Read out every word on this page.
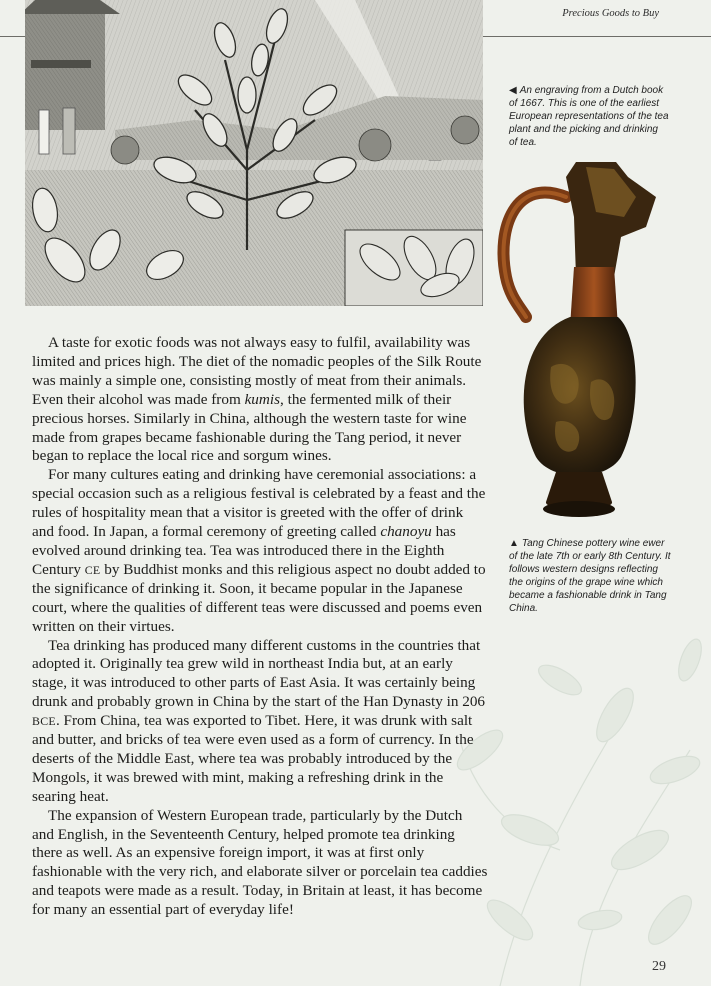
Precious Goods to Buy
◀ An engraving from a Dutch book of 1667. This is one of the earliest European representations of the tea plant and the picking and drinking of tea.
▲ Tang Chinese pottery wine ewer of the late 7th or early 8th Century. It follows western designs reflecting the origins of the grape wine which became a fashionable drink in Tang China.

A taste for exotic foods was not always easy to fulfil, availability was limited and prices high. The diet of the nomadic peoples of the Silk Route was mainly a simple one, consisting mostly of meat from their animals. Even their alcohol was made from kumis, the fermented milk of their precious horses. Similarly in China, although the western taste for wine made from grapes became fashionable during the Tang period, it never began to replace the local rice and sorgum wines.

For many cultures eating and drinking have ceremonial associations: a special occasion such as a religious festival is celebrated by a feast and the rules of hospitality mean that a visitor is greeted with the offer of drink and food. In Japan, a formal ceremony of greeting called chanoyu has evolved around drinking tea. Tea was introduced there in the Eighth Century CE by Buddhist monks and this religious aspect no doubt added to the significance of drinking it. Soon, it became popular in the Japanese court, where the qualities of different teas were discussed and poems even written on their virtues.

Tea drinking has produced many different customs in the countries that adopted it. Originally tea grew wild in northeast India but, at an early stage, it was introduced to other parts of East Asia. It was certainly being drunk and probably grown in China by the start of the Han Dynasty in 206 BCE. From China, tea was exported to Tibet. Here, it was drunk with salt and butter, and bricks of tea were even used as a form of currency. In the deserts of the Middle East, where tea was probably introduced by the Mongols, it was brewed with mint, making a refreshing drink in the searing heat.

The expansion of Western European trade, particularly by the Dutch and English, in the Seventeenth Century, helped promote tea drinking there as well. As an expensive foreign import, it was at first only fashionable with the very rich, and elaborate silver or porcelain tea caddies and teapots were made as a result. Today, in Britain at least, it has become for many an essential part of everyday life!

29
